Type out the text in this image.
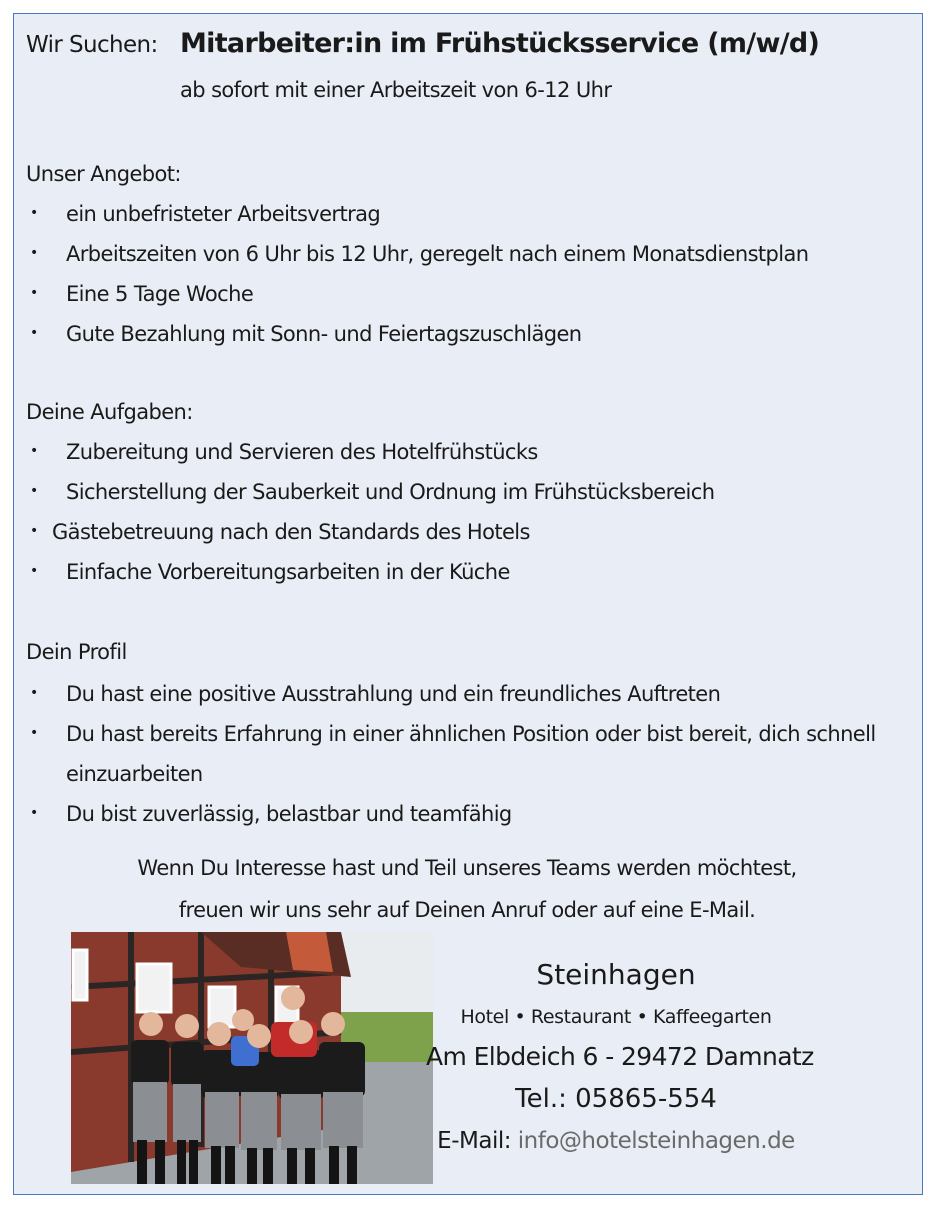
Wir Suchen: Mitarbeiter:in im Frühstücksservice (m/w/d)
ab sofort mit einer Arbeitszeit von 6-12 Uhr
Unser Angebot:
• ein unbefristeter Arbeitsvertrag
• Arbeitszeiten von 6 Uhr bis 12 Uhr, geregelt nach einem Monatsdienstplan
• Eine 5 Tage Woche
• Gute Bezahlung mit Sonn- und Feiertagszuschlägen
Deine Aufgaben:
• Zubereitung und Servieren des Hotelfrühstücks
• Sicherstellung der Sauberkeit und Ordnung im Frühstücksbereich
• Gästebetreuung nach den Standards des Hotels
• Einfache Vorbereitungsarbeiten in der Küche
Dein Profil
• Du hast eine positive Ausstrahlung und ein freundliches Auftreten
• Du hast bereits Erfahrung in einer ähnlichen Position oder bist bereit, dich schnell
einzuarbeiten
• Du bist zuverlässig, belastbar und teamfähig
Wenn Du Interesse hast und Teil unseres Teams werden möchtest,
freuen wir uns sehr auf Deinen Anruf oder auf eine E-Mail.
Steinhagen
Hotel • Restaurant • Kaffeegarten
Am Elbdeich 6 - 29472 Damnatz
Tel.: 05865-554
E-Mail: info@hotelsteinhagen.de
